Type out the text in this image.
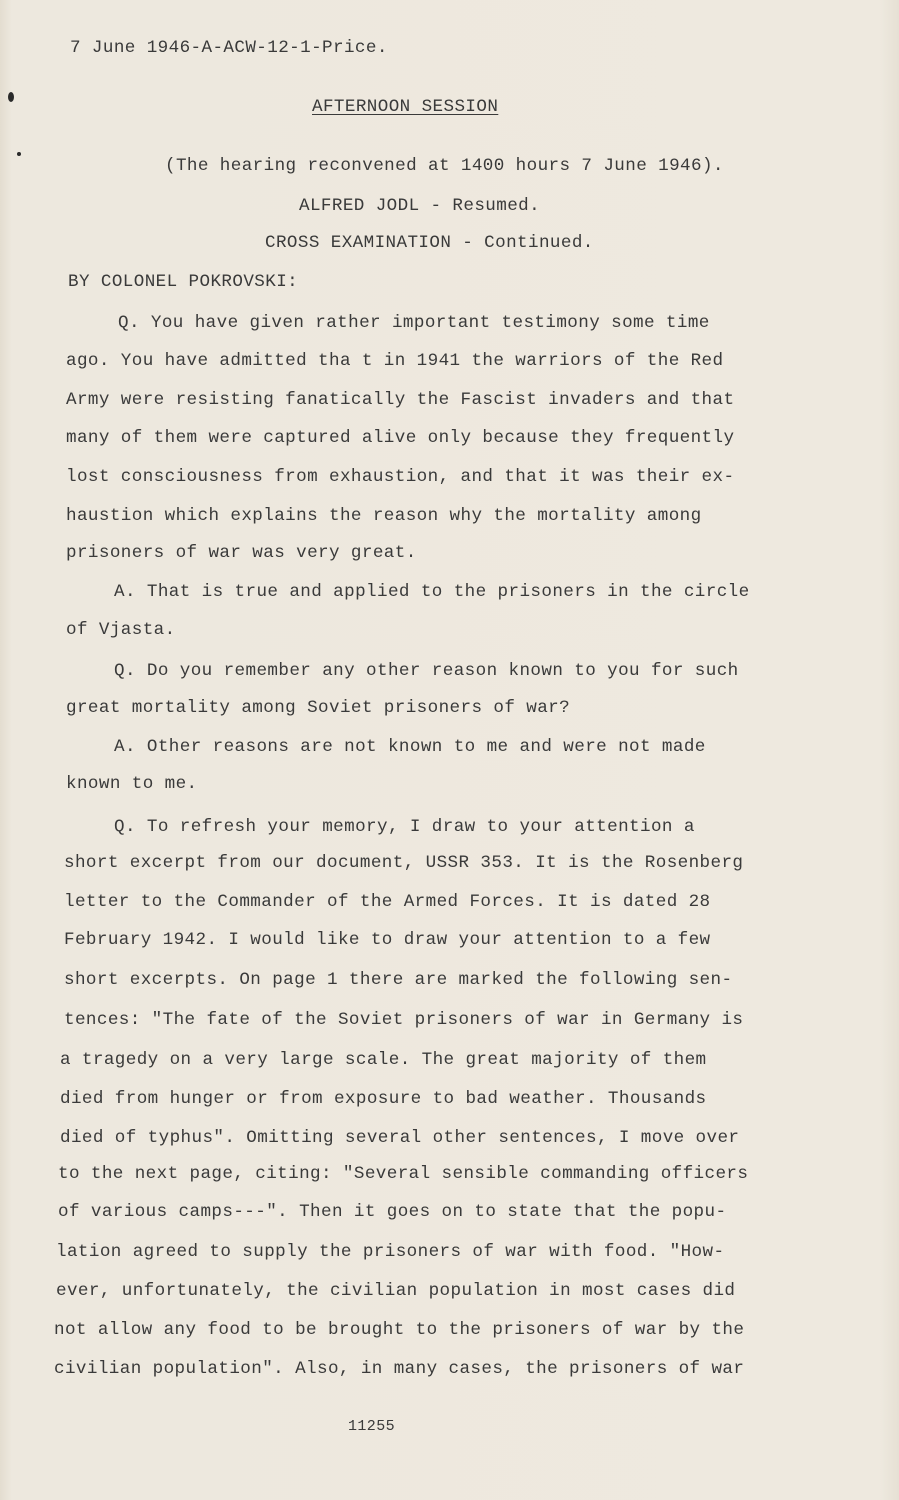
7 June 1946-A-ACW-12-1-Price.
AFTERNOON SESSION
(The hearing reconvened at 1400 hours 7 June 1946).
ALFRED JODL - Resumed.
CROSS EXAMINATION - Continued.
BY COLONEL POKROVSKI:
Q. You have given rather important testimony some time
ago. You have admitted tha t in 1941 the warriors of the Red
Army were resisting fanatically the Fascist invaders and that
many of them were captured alive only because they frequently
lost consciousness from exhaustion, and that it was their ex-
haustion which explains the reason why the mortality among
prisoners of war was very great.
A. That is true and applied to the prisoners in the circle
of Vjasta.
Q. Do you remember any other reason known to you for such
great mortality among Soviet prisoners of war?
A. Other reasons are not known to me and were not made
known to me.
Q. To refresh your memory, I draw to your attention a
short excerpt from our document, USSR 353. It is the Rosenberg
letter to the Commander of the Armed Forces. It is dated 28
February 1942. I would like to draw your attention to a few
short excerpts. On page 1 there are marked the following sen-
tences: "The fate of the Soviet prisoners of war in Germany is
a tragedy on a very large scale. The great majority of them
died from hunger or from exposure to bad weather. Thousands
died of typhus". Omitting several other sentences, I move over
to the next page, citing: "Several sensible commanding officers
of various camps---". Then it goes on to state that the popu-
lation agreed to supply the prisoners of war with food. "How-
ever, unfortunately, the civilian population in most cases did
not allow any food to be brought to the prisoners of war by the
civilian population". Also, in many cases, the prisoners of war
11255
